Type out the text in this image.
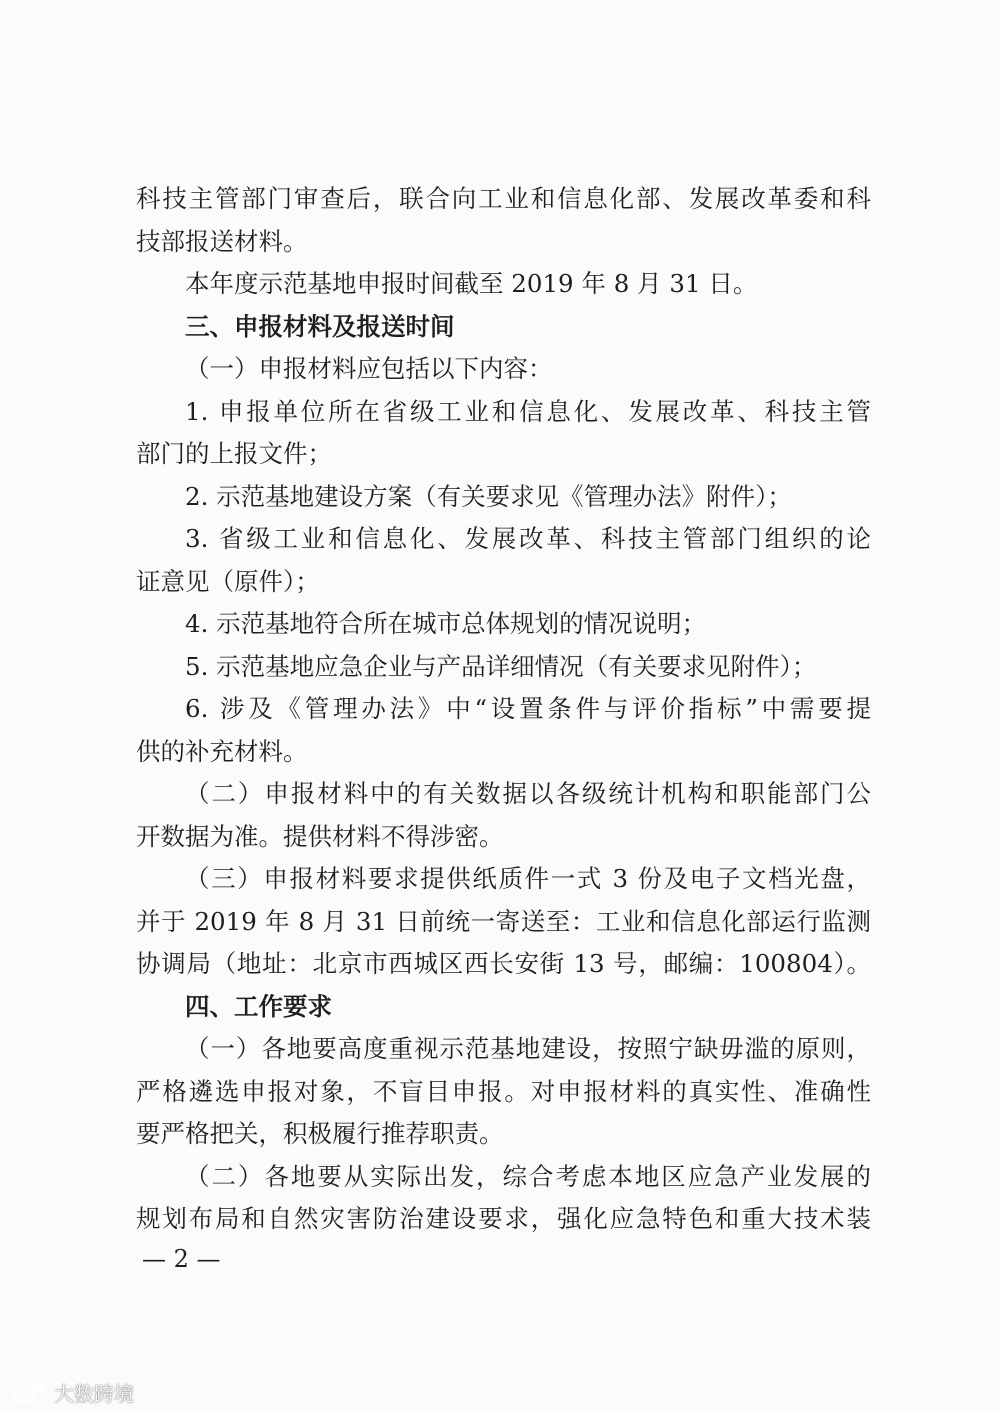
科技主管部门审查后，联合向工业和信息化部、发展改革委和科
技部报送材料。
本年度示范基地申报时间截至 2019 年 8 月 31 日。
三、申报材料及报送时间
（一）申报材料应包括以下内容：
1. 申报单位所在省级工业和信息化、发展改革、科技主管
部门的上报文件；
2. 示范基地建设方案（有关要求见《管理办法》附件）；
3. 省级工业和信息化、发展改革、科技主管部门组织的论
证意见（原件）；
4. 示范基地符合所在城市总体规划的情况说明；
5. 示范基地应急企业与产品详细情况（有关要求见附件）；
6. 涉及《管理办法》中“设置条件与评价指标”中需要提
供的补充材料。
（二）申报材料中的有关数据以各级统计机构和职能部门公
开数据为准。提供材料不得涉密。
（三）申报材料要求提供纸质件一式 3 份及电子文档光盘，
并于 2019 年 8 月 31 日前统一寄送至：工业和信息化部运行监测
协调局（地址：北京市西城区西长安街 13 号，邮编：100804）。
四、工作要求
（一）各地要高度重视示范基地建设，按照宁缺毋滥的原则，
严格遴选申报对象，不盲目申报。对申报材料的真实性、准确性
要严格把关，积极履行推荐职责。
（二）各地要从实际出发，综合考虑本地区应急产业发展的
规划布局和自然灾害防治建设要求，强化应急特色和重大技术装
— 2 —
大数跨境
